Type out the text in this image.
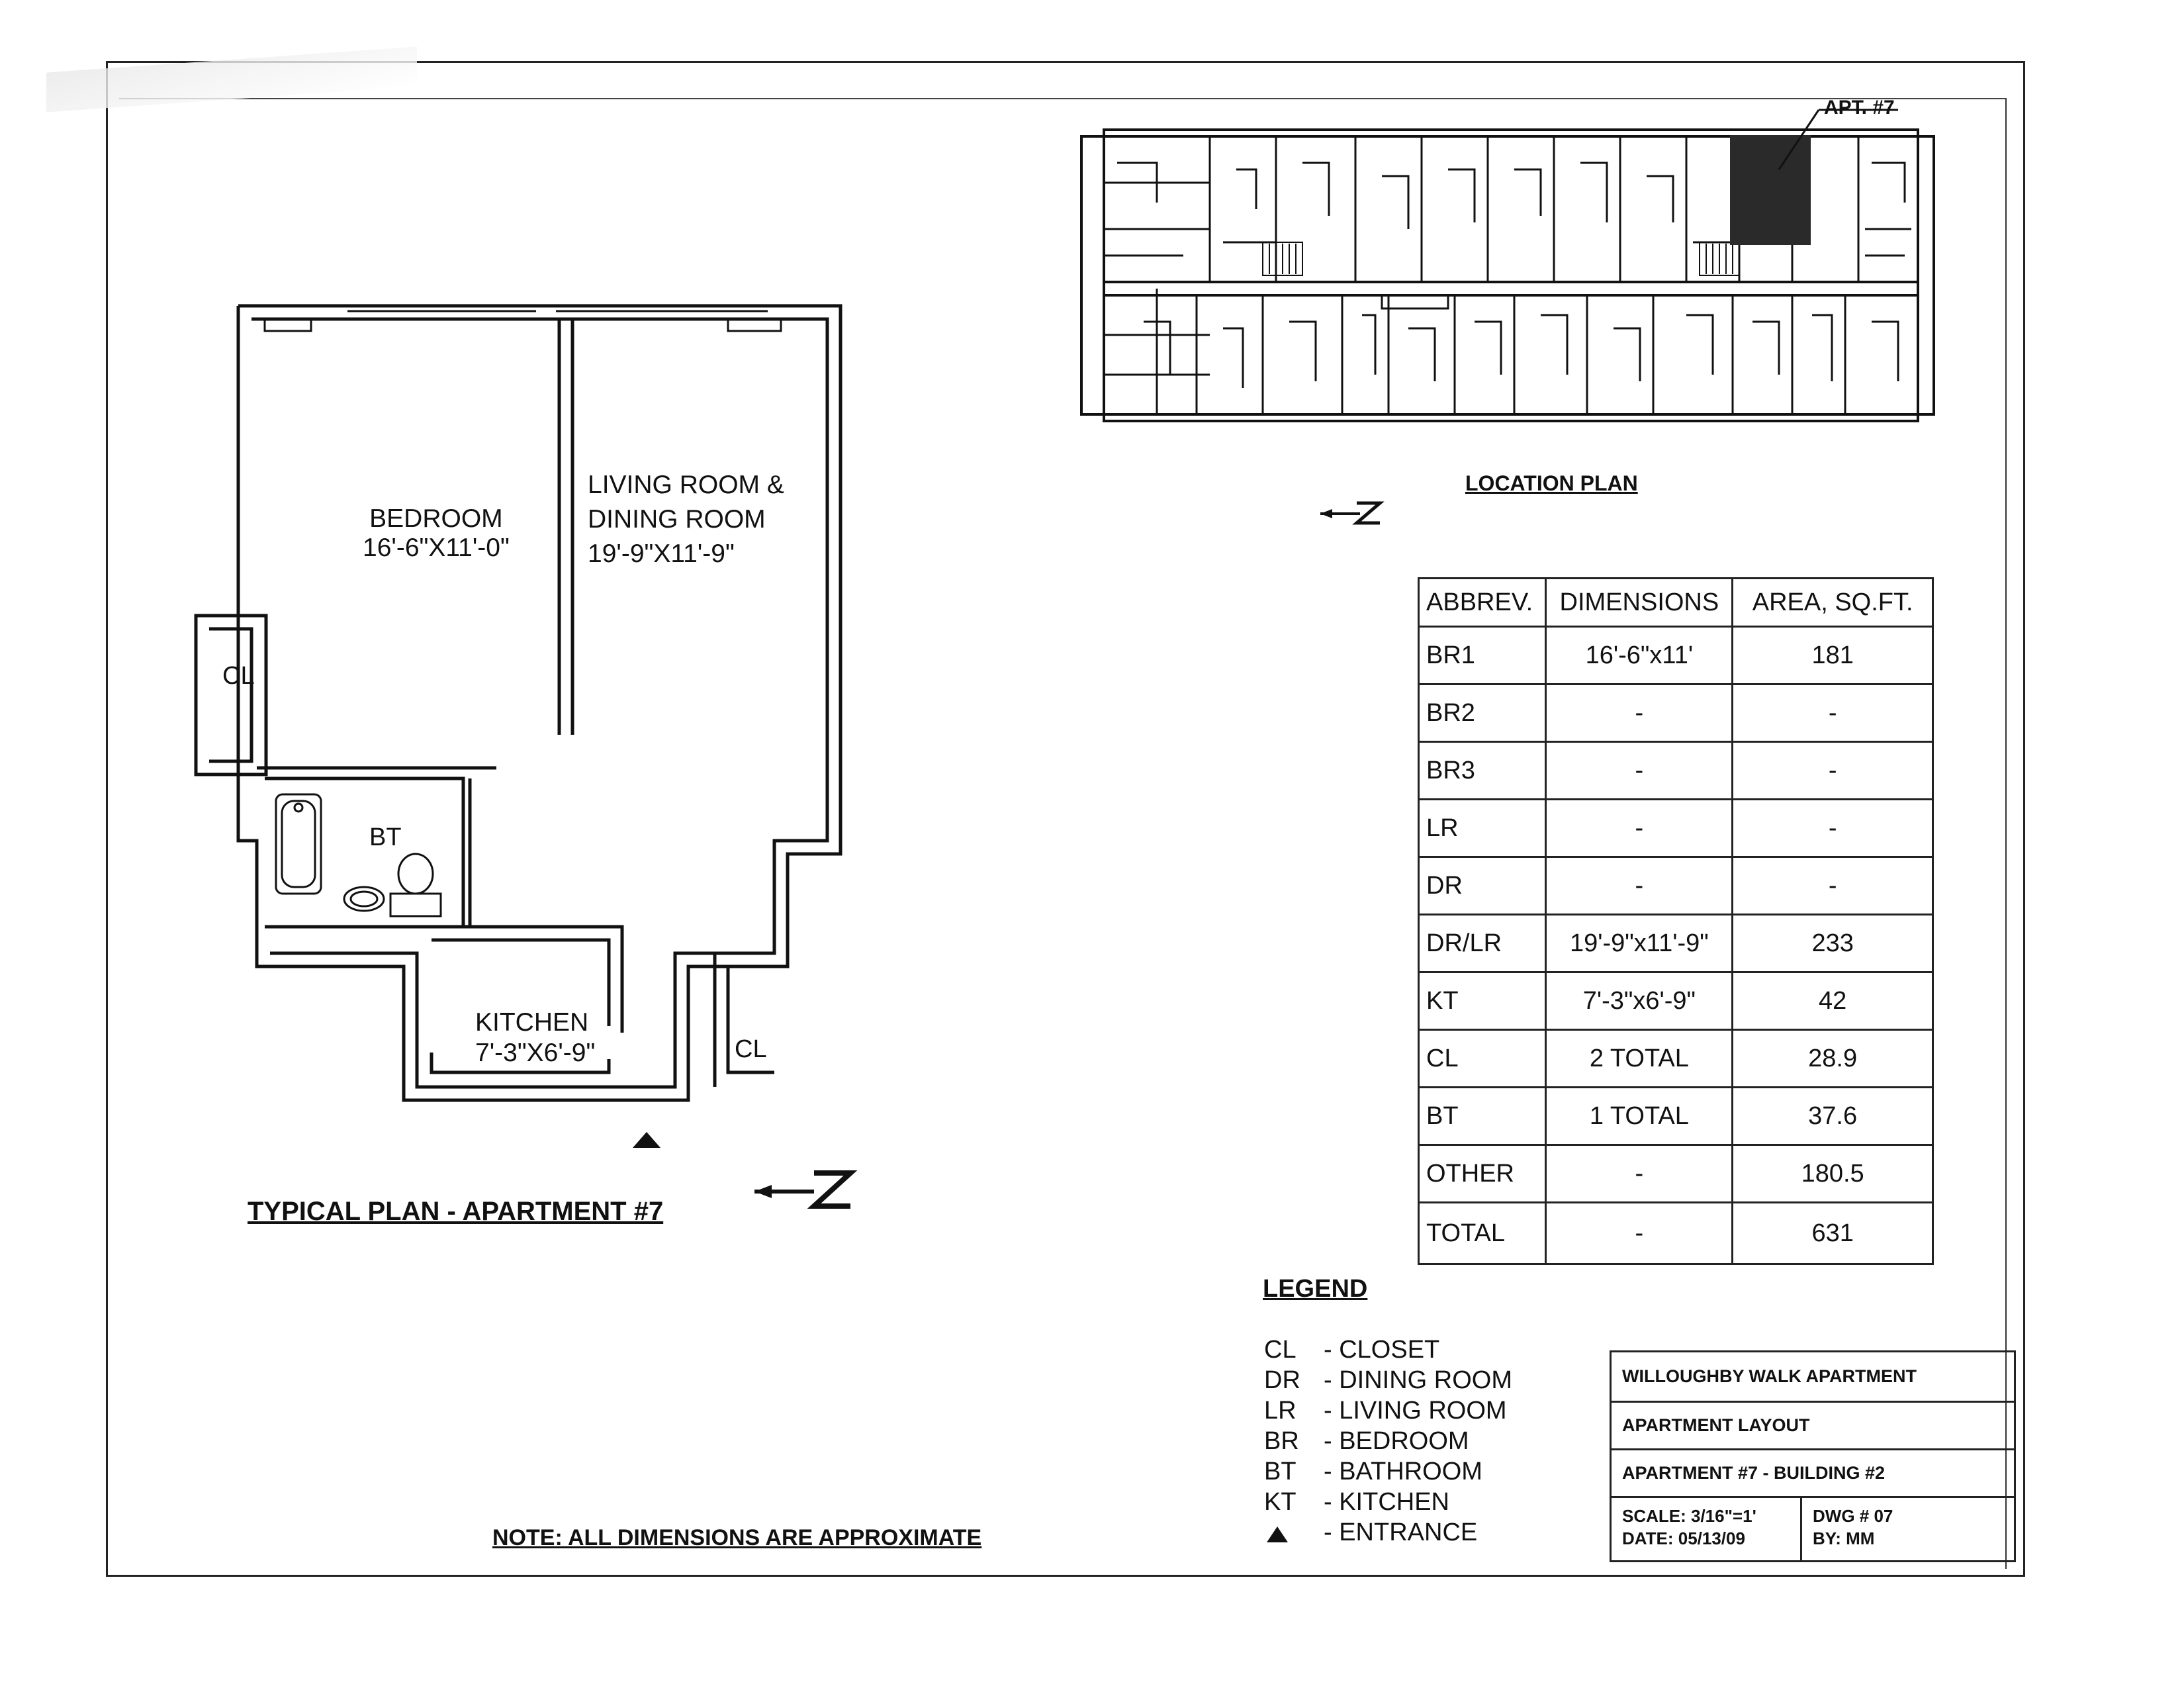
BEDROOM
16'-6"X11'-0"
LIVING ROOM &
DINING ROOM
19'-9"X11'-9"
CL
BT
KITCHEN
7'-3"X6'-9"	CL
TYPICAL PLAN - APARTMENT #7
NOTE: ALL DIMENSIONS ARE APPROXIMATE
APT. #7
LOCATION PLAN
ABBREV.	DIMENSIONS	AREA, SQ.FT.
BR1	16'-6"x11'	181
BR2	-	-
BR3	-	-
LR	-	-
DR	-	-
DR/LR	19'-9"x11'-9"	233
KT	7'-3"x6'-9"	42
CL	2 TOTAL	28.9
BT	1 TOTAL	37.6
OTHER	-	180.5
TOTAL	-	631
LEGEND
CL - CLOSET
DR - DINING ROOM
LR - LIVING ROOM
BR - BEDROOM
BT - BATHROOM
KT - KITCHEN
- ENTRANCE
WILLOUGHBY WALK APARTMENT
APARTMENT LAYOUT
APARTMENT #7 - BUILDING #2
SCALE: 3/16"=1'
DATE: 05/13/09
DWG # 07
BY: MM
